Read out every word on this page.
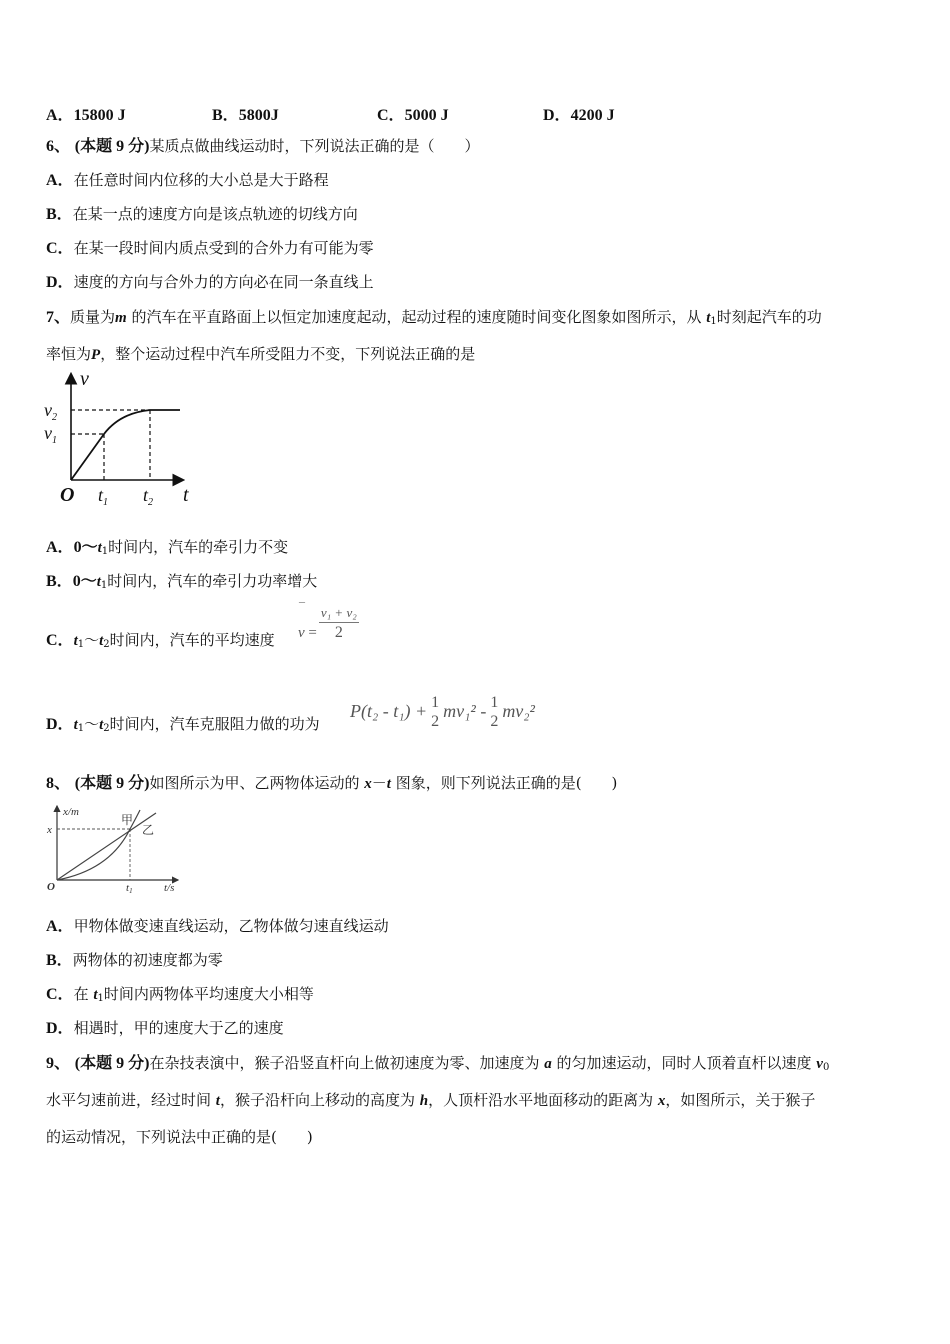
A．15800 J	B．5800J	C．5000 J	D．4200 J
6、 (本题 9 分)某质点做曲线运动时，下列说法正确的是（　　）
A．在任意时间内位移的大小总是大于路程
B．在某一点的速度方向是该点轨迹的切线方向
C．在某一段时间内质点受到的合外力有可能为零
D．速度的方向与合外力的方向必在同一条直线上
7、质量为m 的汽车在平直路面上以恒定加速度起动，起动过程的速度随时间变化图象如图所示，从 $t_1$时刻起汽车的功
率恒为P，整个运动过程中汽车所受阻力不变，下列说法正确的是
v
$v_2$
$v_1$
O $t_1$ $t_2$ t
A．$0\sim t_1$时间内，汽车的牵引力不变
B．$0\sim t_1$时间内，汽车的牵引力功率增大
C．$t_1\sim t_2$时间内，汽车的平均速度 v
¯
= $\frac{\text{v₁ + v₂}}{2}$
D．$t_1\sim t_2$时间内，汽车克服阻力做的功为
P(t₂ - t₁) + 1
2
mv₁² - 1
2
mv₂²
8、 (本题 9 分)如图所示为甲、乙两物体运动的 x－t 图象，则下列说法正确的是(　　)
x/m
x
O	t1	t/s
甲
乙
A．甲物体做变速直线运动，乙物体做匀速直线运动
B．两物体的初速度都为零
C．在 $t_1$时间内两物体平均速度大小相等
D．相遇时，甲的速度大于乙的速度
9、 (本题 9 分)在杂技表演中，猴子沿竖直杆向上做初速度为零、加速度为 a 的匀加速运动，同时人顶着直杆以速度 $v_0$
水平匀速前进，经过时间 t，猴子沿杆向上移动的高度为 h，人顶杆沿水平地面移动的距离为 x，如图所示，关于猴子
的运动情况，下列说法中正确的是(　　)
